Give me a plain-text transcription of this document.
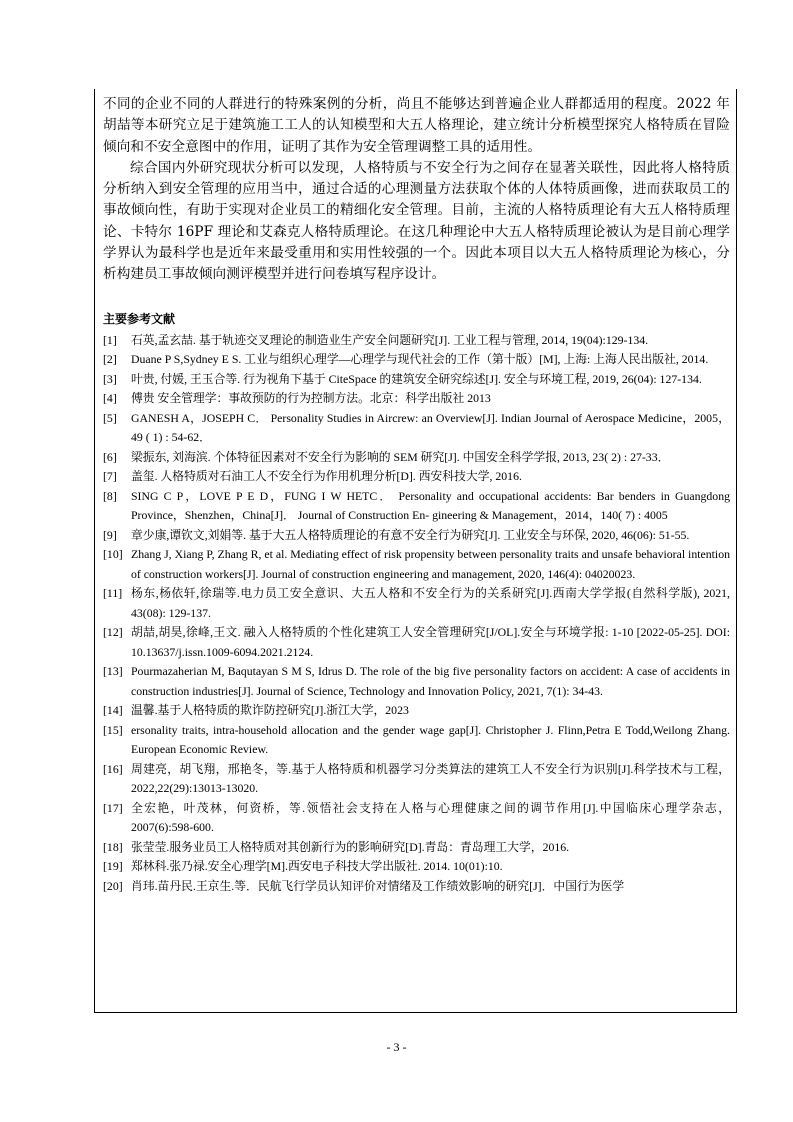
不同的企业不同的人群进行的特殊案例的分析，尚且不能够达到普遍企业人群都适用的程度。2022 年胡喆等本研究立足于建筑施工工人的认知模型和大五人格理论，建立统计分析模型探究人格特质在冒险倾向和不安全意图中的作用，证明了其作为安全管理调整工具的适用性。

综合国内外研究现状分析可以发现，人格特质与不安全行为之间存在显著关联性，因此将人格特质分析纳入到安全管理的应用当中，通过合适的心理测量方法获取个体的人体特质画像，进而获取员工的事故倾向性，有助于实现对企业员工的精细化安全管理。目前，主流的人格特质理论有大五人格特质理论、卡特尔 16PF 理论和艾森克人格特质理论。在这几种理论中大五人格特质理论被认为是目前心理学学界认为最科学也是近年来最受重用和实用性较强的一个。因此本项目以大五人格特质理论为核心，分析构建员工事故倾向测评模型并进行问卷填写程序设计。

主要参考文献
[1]	石英,孟玄喆. 基于轨迹交叉理论的制造业生产安全问题研究[J]. 工业工程与管理, 2014, 19(04):129-134.
[2]	Duane P S,Sydney E S. 工业与组织心理学—心理学与现代社会的工作（第十版）[M], 上海: 上海人民出版社, 2014.
[3]	叶贵, 付媛, 王玉合等. 行为视角下基于 CiteSpace 的建筑安全研究综述[J]. 安全与环境工程, 2019, 26(04): 127-134.
[4]	傅贵 安全管理学：事故预防的行为控制方法。北京：科学出版社 2013
[5]	GANESH A，JOSEPH C． Personality Studies in Aircrew: an Overview[J]. Indian Journal of Aerospace Medicine，2005，49 ( 1) : 54-62．
[6]	梁振东, 刘海滨. 个体特征因素对不安全行为影响的 SEM 研究[J]. 中国安全科学学报, 2013, 23( 2) : 27-33．
[7]	盖玺. 人格特质对石油工人不安全行为作用机理分析[D]. 西安科技大学, 2016.
[8]	SING C P，LOVE P E D，FUNG I W HETC． Personality and occupational accidents: Bar benders in Guangdong Province，Shenzhen，China[J]． Journal of Construction En- gineering & Management，2014，140( 7) : 4005
[9]	章少康,谭钦文,刘娟等. 基于大五人格特质理论的有意不安全行为研究[J]. 工业安全与环保, 2020, 46(06): 51-55.
[10] Zhang J, Xiang P, Zhang R, et al. Mediating effect of risk propensity between personality traits and unsafe behavioral intention of construction workers[J]. Journal of construction engineering and management, 2020, 146(4): 04020023.
[11] 杨东,杨依轩,徐瑞等.电力员工安全意识、大五人格和不安全行为的关系研究[J].西南大学学报(自然科学版), 2021, 43(08): 129-137.
[12] 胡喆,胡昊,徐峰,王文. 融入人格特质的个性化建筑工人安全管理研究[J/OL].安全与环境学报: 1-10 [2022-05-25]. DOI: 10.13637/j.issn.1009-6094.2021.2124.
[13] Pourmazaherian M, Baqutayan S M S, Idrus D. The role of the big five personality factors on accident: A case of accidents in construction industries[J]. Journal of Science, Technology and Innovation Policy, 2021, 7(1): 34-43.
[14] 温馨.基于人格特质的欺诈防控研究[J].浙江大学，2023
[15] ersonality traits, intra-household allocation and the gender wage gap[J]. Christopher J. Flinn,Petra E Todd,Weilong Zhang. European Economic Review.
[16] 周建亮，胡飞翔，邢艳冬，等.基于人格特质和机器学习分类算法的建筑工人不安全行为识别[J].科学技术与工程，2022,22(29):13013-13020.
[17] 全宏艳，叶茂林，何资桥，等.领悟社会支持在人格与心理健康之间的调节作用[J].中国临床心理学杂志，2007(6):598-600.
[18] 张莹莹.服务业员工人格特质对其创新行为的影响研究[D].青岛：青岛理工大学，2016.
[19] 郑林科.张乃禄.安全心理学[M].西安电子科技大学出版社. 2014. 10(01):10.
[20] 肖玮.苗丹民.王京生.等．民航飞行学员认知评价对情绪及工作绩效影响的研究[J]．中国行为医学
- 3 -
